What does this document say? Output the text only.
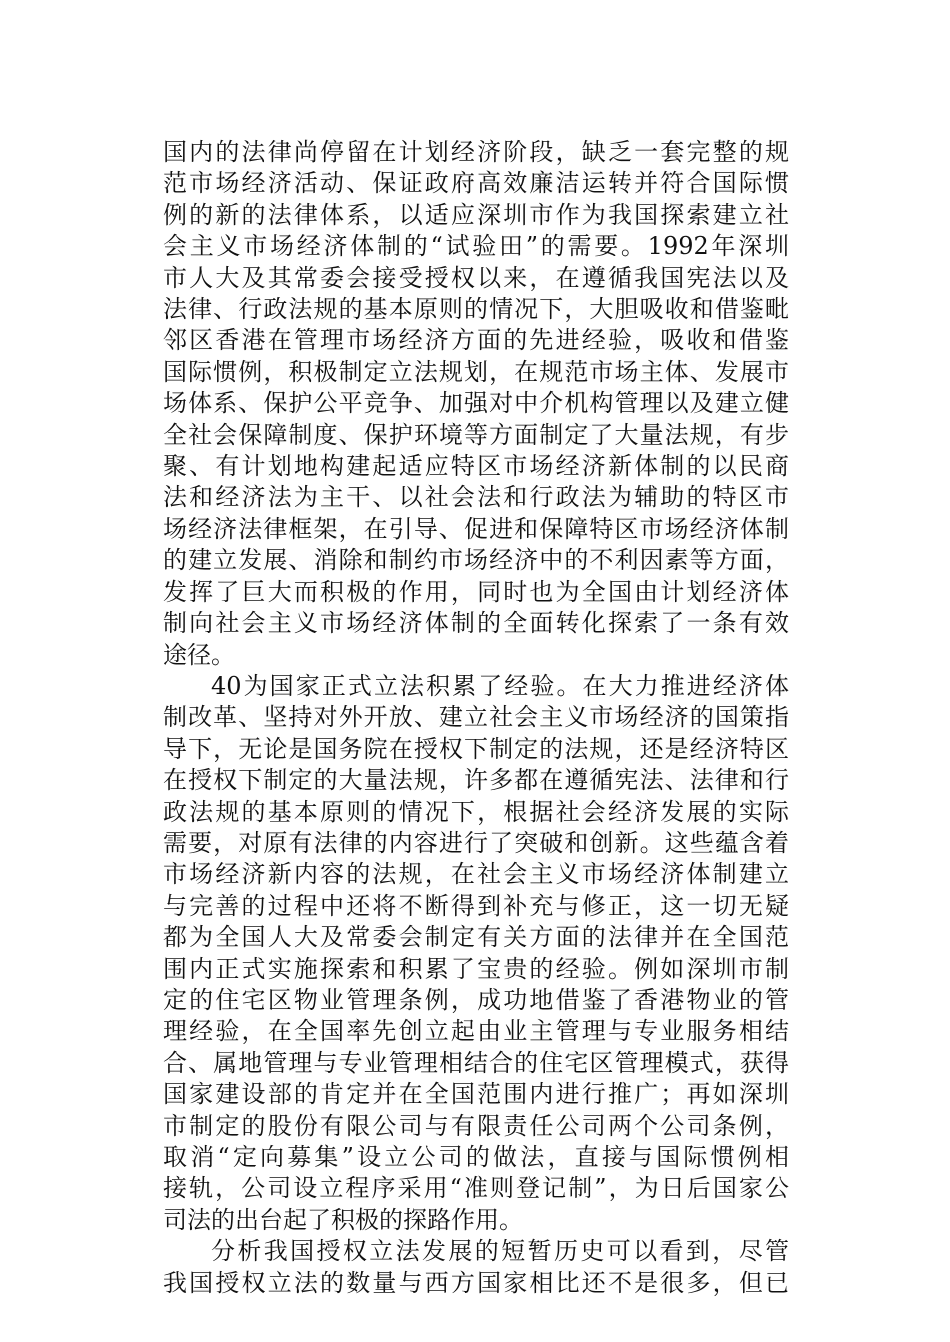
国内的法律尚停留在计划经济阶段，缺乏一套完整的规
范市场经济活动、保证政府高效廉洁运转并符合国际惯
例的新的法律体系，以适应深圳市作为我国探索建立社
会主义市场经济体制的“试验田”的需要。1992年深圳
市人大及其常委会接受授权以来，在遵循我国宪法以及
法律、行政法规的基本原则的情况下，大胆吸收和借鉴毗
邻区香港在管理市场经济方面的先进经验，吸收和借鉴
国际惯例，积极制定立法规划，在规范市场主体、发展市
场体系、保护公平竞争、加强对中介机构管理以及建立健
全社会保障制度、保护环境等方面制定了大量法规，有步
聚、有计划地构建起适应特区市场经济新体制的以民商
法和经济法为主干、以社会法和行政法为辅助的特区市
场经济法律框架，在引导、促进和保障特区市场经济体制
的建立发展、消除和制约市场经济中的不利因素等方面，
发挥了巨大而积极的作用，同时也为全国由计划经济体
制向社会主义市场经济体制的全面转化探索了一条有效
途径。
40为国家正式立法积累了经验。在大力推进经济体
制改革、坚持对外开放、建立社会主义市场经济的国策指
导下，无论是国务院在授权下制定的法规，还是经济特区
在授权下制定的大量法规，许多都在遵循宪法、法律和行
政法规的基本原则的情况下，根据社会经济发展的实际
需要，对原有法律的内容进行了突破和创新。这些蕴含着
市场经济新内容的法规，在社会主义市场经济体制建立
与完善的过程中还将不断得到补充与修正，这一切无疑
都为全国人大及常委会制定有关方面的法律并在全国范
围内正式实施探索和积累了宝贵的经验。例如深圳市制
定的住宅区物业管理条例，成功地借鉴了香港物业的管
理经验，在全国率先创立起由业主管理与专业服务相结
合、属地管理与专业管理相结合的住宅区管理模式，获得
国家建设部的肯定并在全国范围内进行推广；再如深圳
市制定的股份有限公司与有限责任公司两个公司条例，
取消“定向募集”设立公司的做法，直接与国际惯例相
接轨，公司设立程序采用“准则登记制”，为日后国家公
司法的出台起了积极的探路作用。
分析我国授权立法发展的短暂历史可以看到，尽管
我国授权立法的数量与西方国家相比还不是很多，但已
